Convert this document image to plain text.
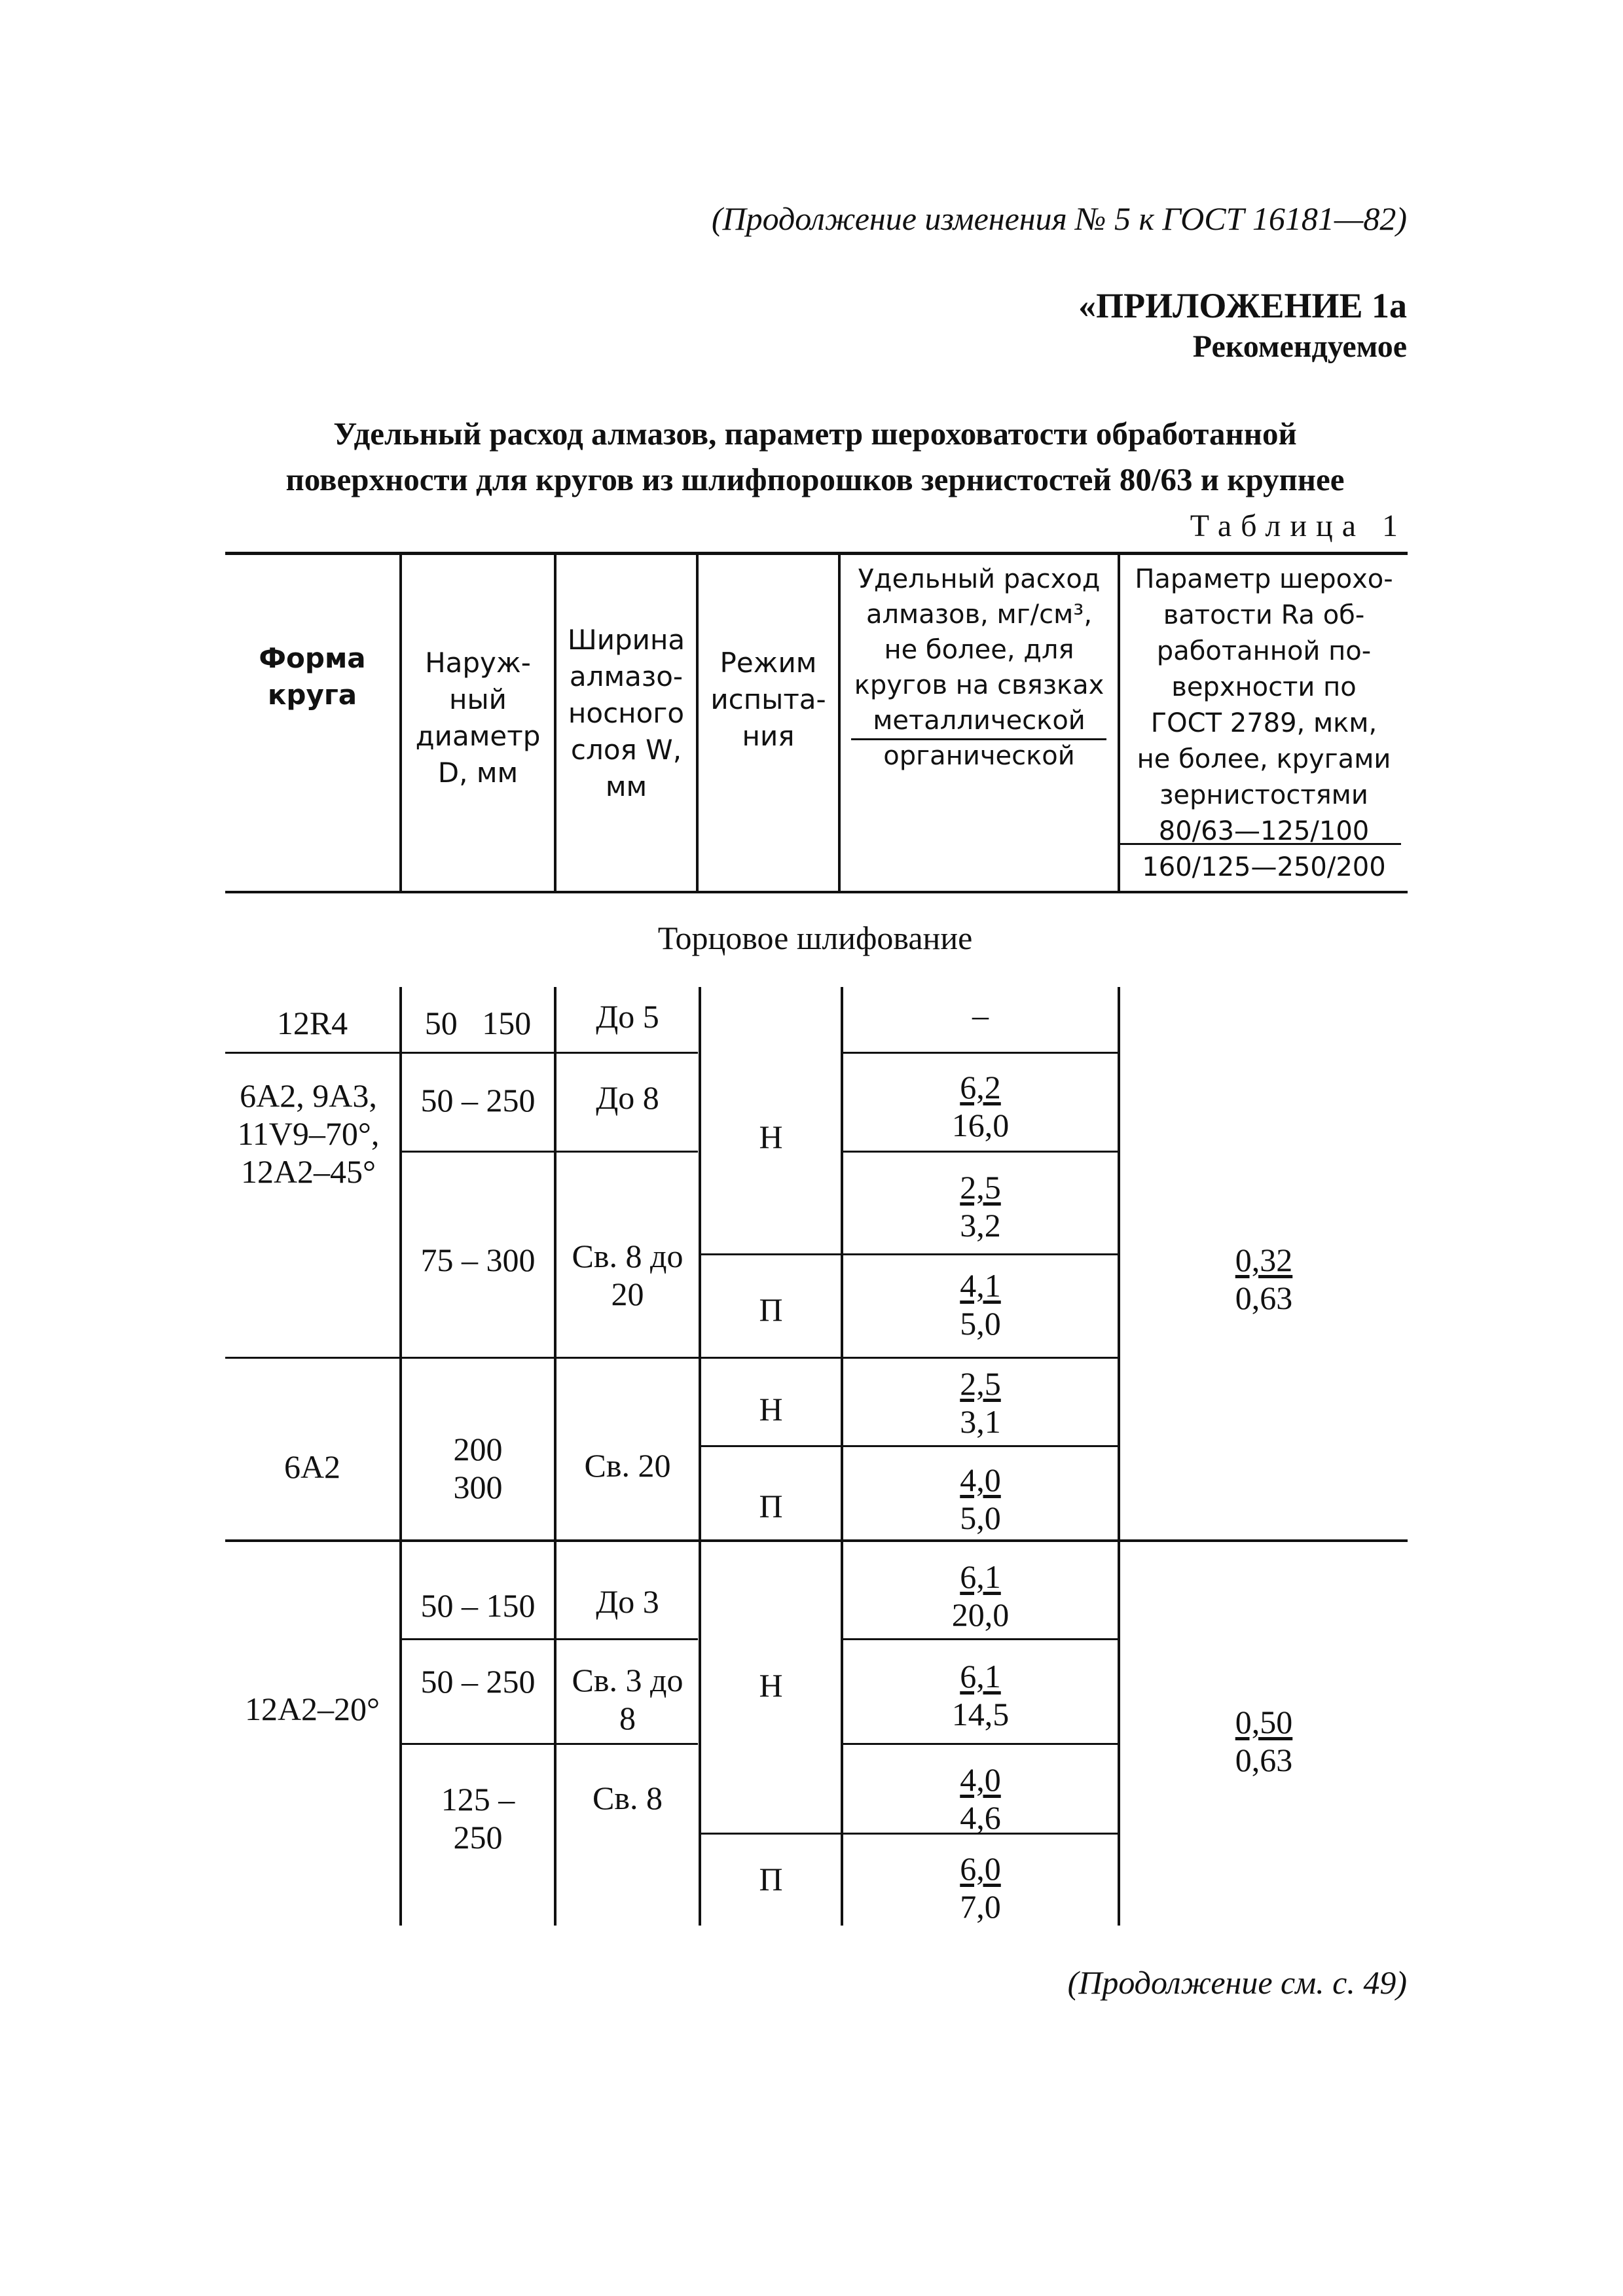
(Продолжение изменения № 5 к ГОСТ 16181—82)
«ПРИЛОЖЕНИЕ 1а
Рекомендуемое
Удельный расход алмазов, параметр шероховатости обработанной
поверхности для кругов из шлифпорошков зернистостей 80/63 и крупнее
Таблица 1
Форма
круга
Наруж-
ный
диаметр
D, мм
Ширина
алмазо-
носного
слоя W,
мм
Режим
испыта-
ния
Удельный расход
алмазов, мг/см³,
не более, для
кругов на связках
металлической
органической
Параметр шерохо-
ватости Ra об-
работанной по-
верхности по
ГОСТ 2789, мкм,
не более, кругами
зернистостями
80/63—125/100
160/125—250/200
Торцовое шлифование
12R4
6А2, 9А3,
11V9–70°,
12А2–45°
6А2
12А2–20°
50   150
50 – 250
75 – 300
200
300
50 – 150
50 – 250
125 –
250
До 5
До 8
Св. 8 до
20
Св. 20
До 3
Св. 3 до
8
Св. 8
Н
П
Н
П
Н
П
–
$\frac{6,2}{16,0}$
$\frac{2,5}{3,2}$
$\frac{4,1}{5,0}$
$\frac{2,5}{3,1}$
$\frac{4,0}{5,0}$
$\frac{6,1}{20,0}$
$\frac{6,1}{14,5}$
$\frac{4,0}{4,6}$
$\frac{6,0}{7,0}$
$\frac{0,32}{0,63}$
$\frac{0,50}{0,63}$
(Продолжение см. с. 49)
